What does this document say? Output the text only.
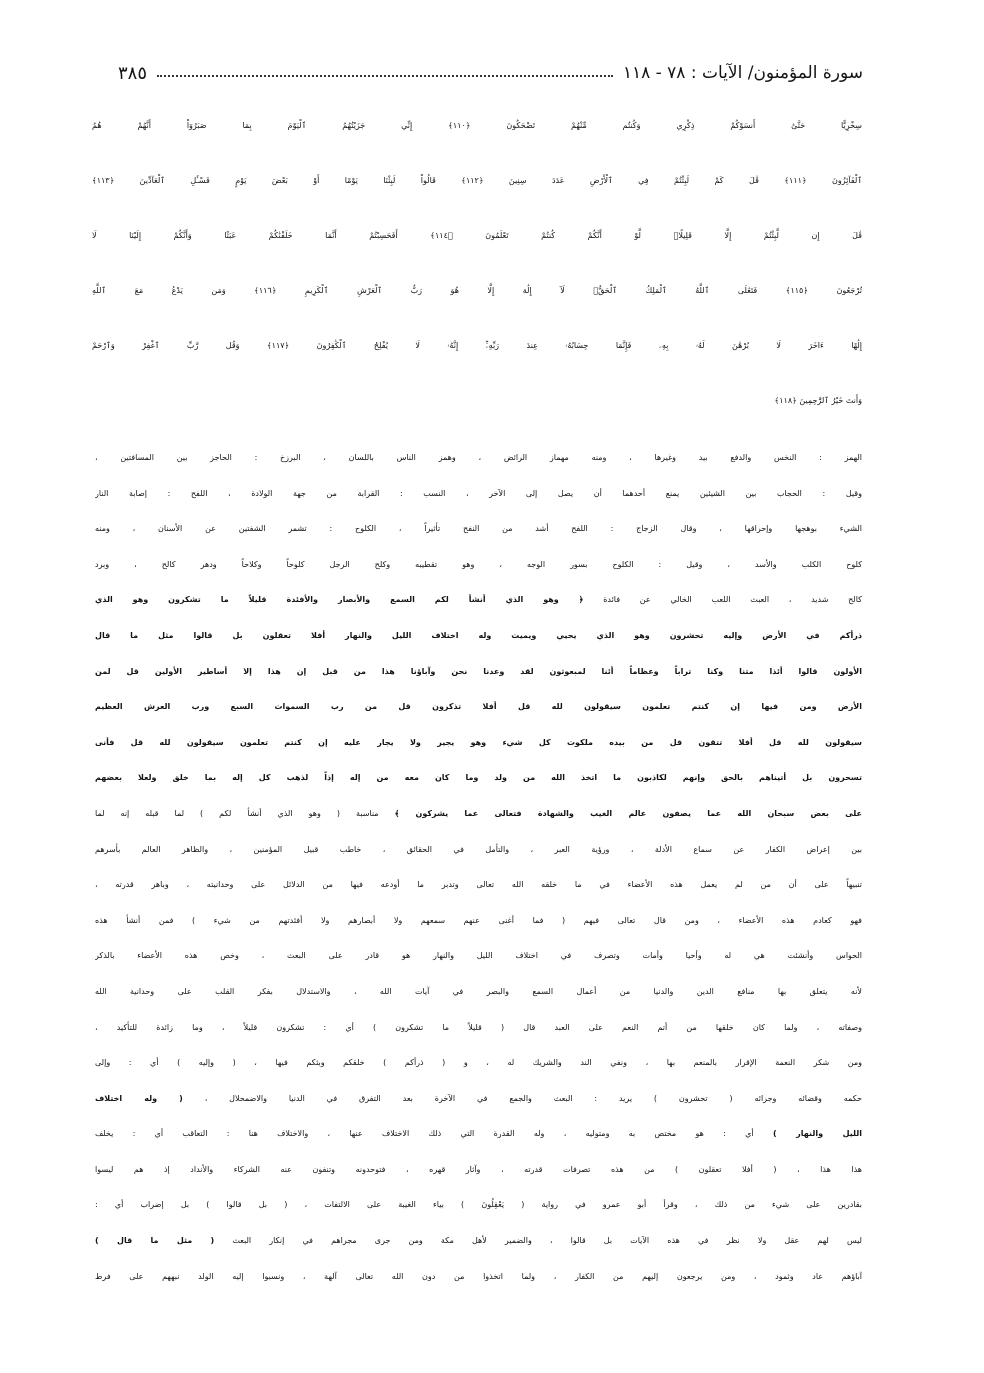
سورة المؤمنون/ الآيات : ٧٨ - ١١٨
٣٨٥
سِخْرِيًّا حَتَّىٰٓ أَنسَوْكُمْ ذِكْرِي وَكُنتُم مِّنْهُمْ تَضْحَكُونَ ﴿١١٠﴾ إِنِّي جَزَيْتُهُمُ ٱلْيَوْمَ بِمَا صَبَرُوٓاْ أَنَّهُمْ هُمُ
ٱلْفَآئِزُونَ ﴿١١١﴾ قَٰلَ كَمْ لَبِثْتُمْ فِي ٱلْأَرْضِ عَدَدَ سِنِينَ ﴿١١٢﴾ قَالُواْ لَبِثْنَا يَوْمًا أَوْ بَعْضَ يَوْمٍ فَسْـَٔلِ ٱلْعَآدِّينَ ﴿١١٣﴾
قَٰلَ إِن لَّبِثْتُمْ إِلَّا قَلِيلًاۖ لَّوْ أَنَّكُمْ كُنتُمْ تَعْلَمُونَ ﴿١١٤﴾ أَفَحَسِبْتُمْ أَنَّمَا خَلَقْنَٰكُمْ عَبَثًا وَأَنَّكُمْ إِلَيْنَا لَا
تُرْجَعُونَ ﴿١١٥﴾ فَتَعَٰلَى ٱللَّهُ ٱلْمَلِكُ ٱلْحَقُّۖ لَآ إِلَٰهَ إِلَّا هُوَ رَبُّ ٱلْعَرْشِ ٱلْكَرِيمِ ﴿١١٦﴾ وَمَن يَدْعُ مَعَ ٱللَّهِ
إِلَٰهًا ءَاخَرَ لَا بُرْهَٰنَ لَهُۥ بِهِۦ فَإِنَّمَا حِسَابُهُۥ عِندَ رَبِّهِۦٓۚ إِنَّهُۥ لَا يُفْلِحُ ٱلْكَٰفِرُونَ ﴿١١٧﴾ وَقُل رَّبِّ ٱغْفِرْ وَٱرْحَمْ
وَأَنتَ خَيْرُ ٱلرَّٰحِمِينَ ﴿١١٨﴾
الهمز : النخس والدفع بيد وغيرها ، ومنه مهماز الرائض ، وهمز الناس باللسان ، البرزخ : الحاجز بين المسافتين ،
وقيل : الحجاب بين الشيئين يمنع أحدهما أن يصل إلى الآخر ، النسب : القرابة من جهة الولادة ، اللفح : إصابة النار
الشيء بوهجها وإحراقها ، وقال الزجاج : اللفح أشد من النفح تأثيراً ، الكلوح : تشمر الشفتين عن الأسنان ، ومنه
كلوح الكلب والأسد ، وقيل : الكلوح بسور الوجه ، وهو تقطيبه وكلح الرجل كلوحاً وكلاحاً ودهر كالح ، وبرد
كالح شديد ، العبث اللعب الخالي عن فائدة ﴿ وهو الذي أنشأ لكم السمع والأبصار والأفئدة قليلاً ما تشكرون وهو الذي
ذرأكم في الأرض وإليه تحشرون وهو الذي يحيي ويميت وله اختلاف الليل والنهار أفلا تعقلون بل قالوا مثل ما قال
الأولون قالوا أئذا متنا وكنا تراباً وعظاماً أئنا لمبعوثون لقد وعدنا نحن وآباؤنا هذا من قبل إن هذا إلا أساطير الأولين قل لمن
الأرض ومن فيها إن كنتم تعلمون سيقولون لله قل أفلا تذكرون قل من رب السموات السبع ورب العرش العظيم
سيقولون لله قل أفلا تتقون قل من بيده ملكوت كل شيء وهو يجير ولا يجار عليه إن كنتم تعلمون سيقولون لله قل فأنى
تسحرون بل أتيناهم بالحق وإنهم لكاذبون ما اتخذ الله من ولد وما كان معه من إله إذاً لذهب كل إله بما خلق ولعلا بعضهم
على بعض سبحان الله عما يصفون عالم الغيب والشهادة فتعالى عما يشركون ﴾ مناسبة ( وهو الذي أنشأ لكم ) لما قبله إنه لما
بين إعراض الكفار عن سماع الأدلة ، ورؤية العبر ، والتأمل في الحقائق ، خاطب قبيل المؤمنين ، والظاهر العالم بأسرهم
تنبيهاً على أن من لم يعمل هذه الأعضاء في ما خلقه الله تعالى وتدبر ما أودعه فيها من الدلائل على وحدانيته ، وباهر قدرته ،
فهو كعادم هذه الأعضاء ، ومن قال تعالى فيهم ( فما أغنى عنهم سمعهم ولا أبصارهم ولا أفئدتهم من شيء ) فمن أنشأ هذه
الحواس وأنشئت هي له وأحيا وأمات وتصرف في اختلاف الليل والنهار هو قادر على البعث ، وخص هذه الأعضاء بالذكر
لأنه يتعلق بها منافع الدين والدنيا من أعمال السمع والبصر في آيات الله ، والاستدلال بفكر القلب على وحدانية الله
وصفاته ، ولما كان خلقها من أتم النعم على العبد قال ( قليلاً ما تشكرون ) أي : تشكرون قليلاً ، وما زائدة للتأكيد ،
ومن شكر النعمة الإقرار بالمنعم بها ، ونفي الند والشريك له ، و ( ذرأكم ) خلقكم وبثكم فيها ، ( وإليه ) أي : وإلى
حكمه وقضائه وجزائه ( تحشرون ) يريد : البعث والجمع في الآخرة بعد التفرق في الدنيا والاضمحلال ، ( وله اختلاف
الليل والنهار ) أي : هو مختص به ومتوليه ، وله القدرة التي ذلك الاختلاف عنها ، والاختلاف هنا : التعاقب أي : يخلف
هذا هذا ، ( أفلا تعقلون ) من هذه تصرفات قدرته ، وآثار قهره ، فتوحدونه وتنفون عنه الشركاء والأنداد إذ هم ليسوا
بقادرين على شيء من ذلك ، وقرأ أبو عمرو في رواية ( يَعْقِلُونَ ) بياء الغيبة على الالتفات ، ( بل قالوا ) بل إضراب أي :
ليس لهم عقل ولا نظر في هذه الآيات بل قالوا ، والضمير لأهل مكة ومن جرى مجراهم في إنكار البعث ( مثل ما قال )
آباؤهم عاد وثمود ، ومن يرجعون إليهم من الكفار ، ولما اتخذوا من دون الله تعالى آلهة ، ونسبوا إليه الولد نبههم على فرط
